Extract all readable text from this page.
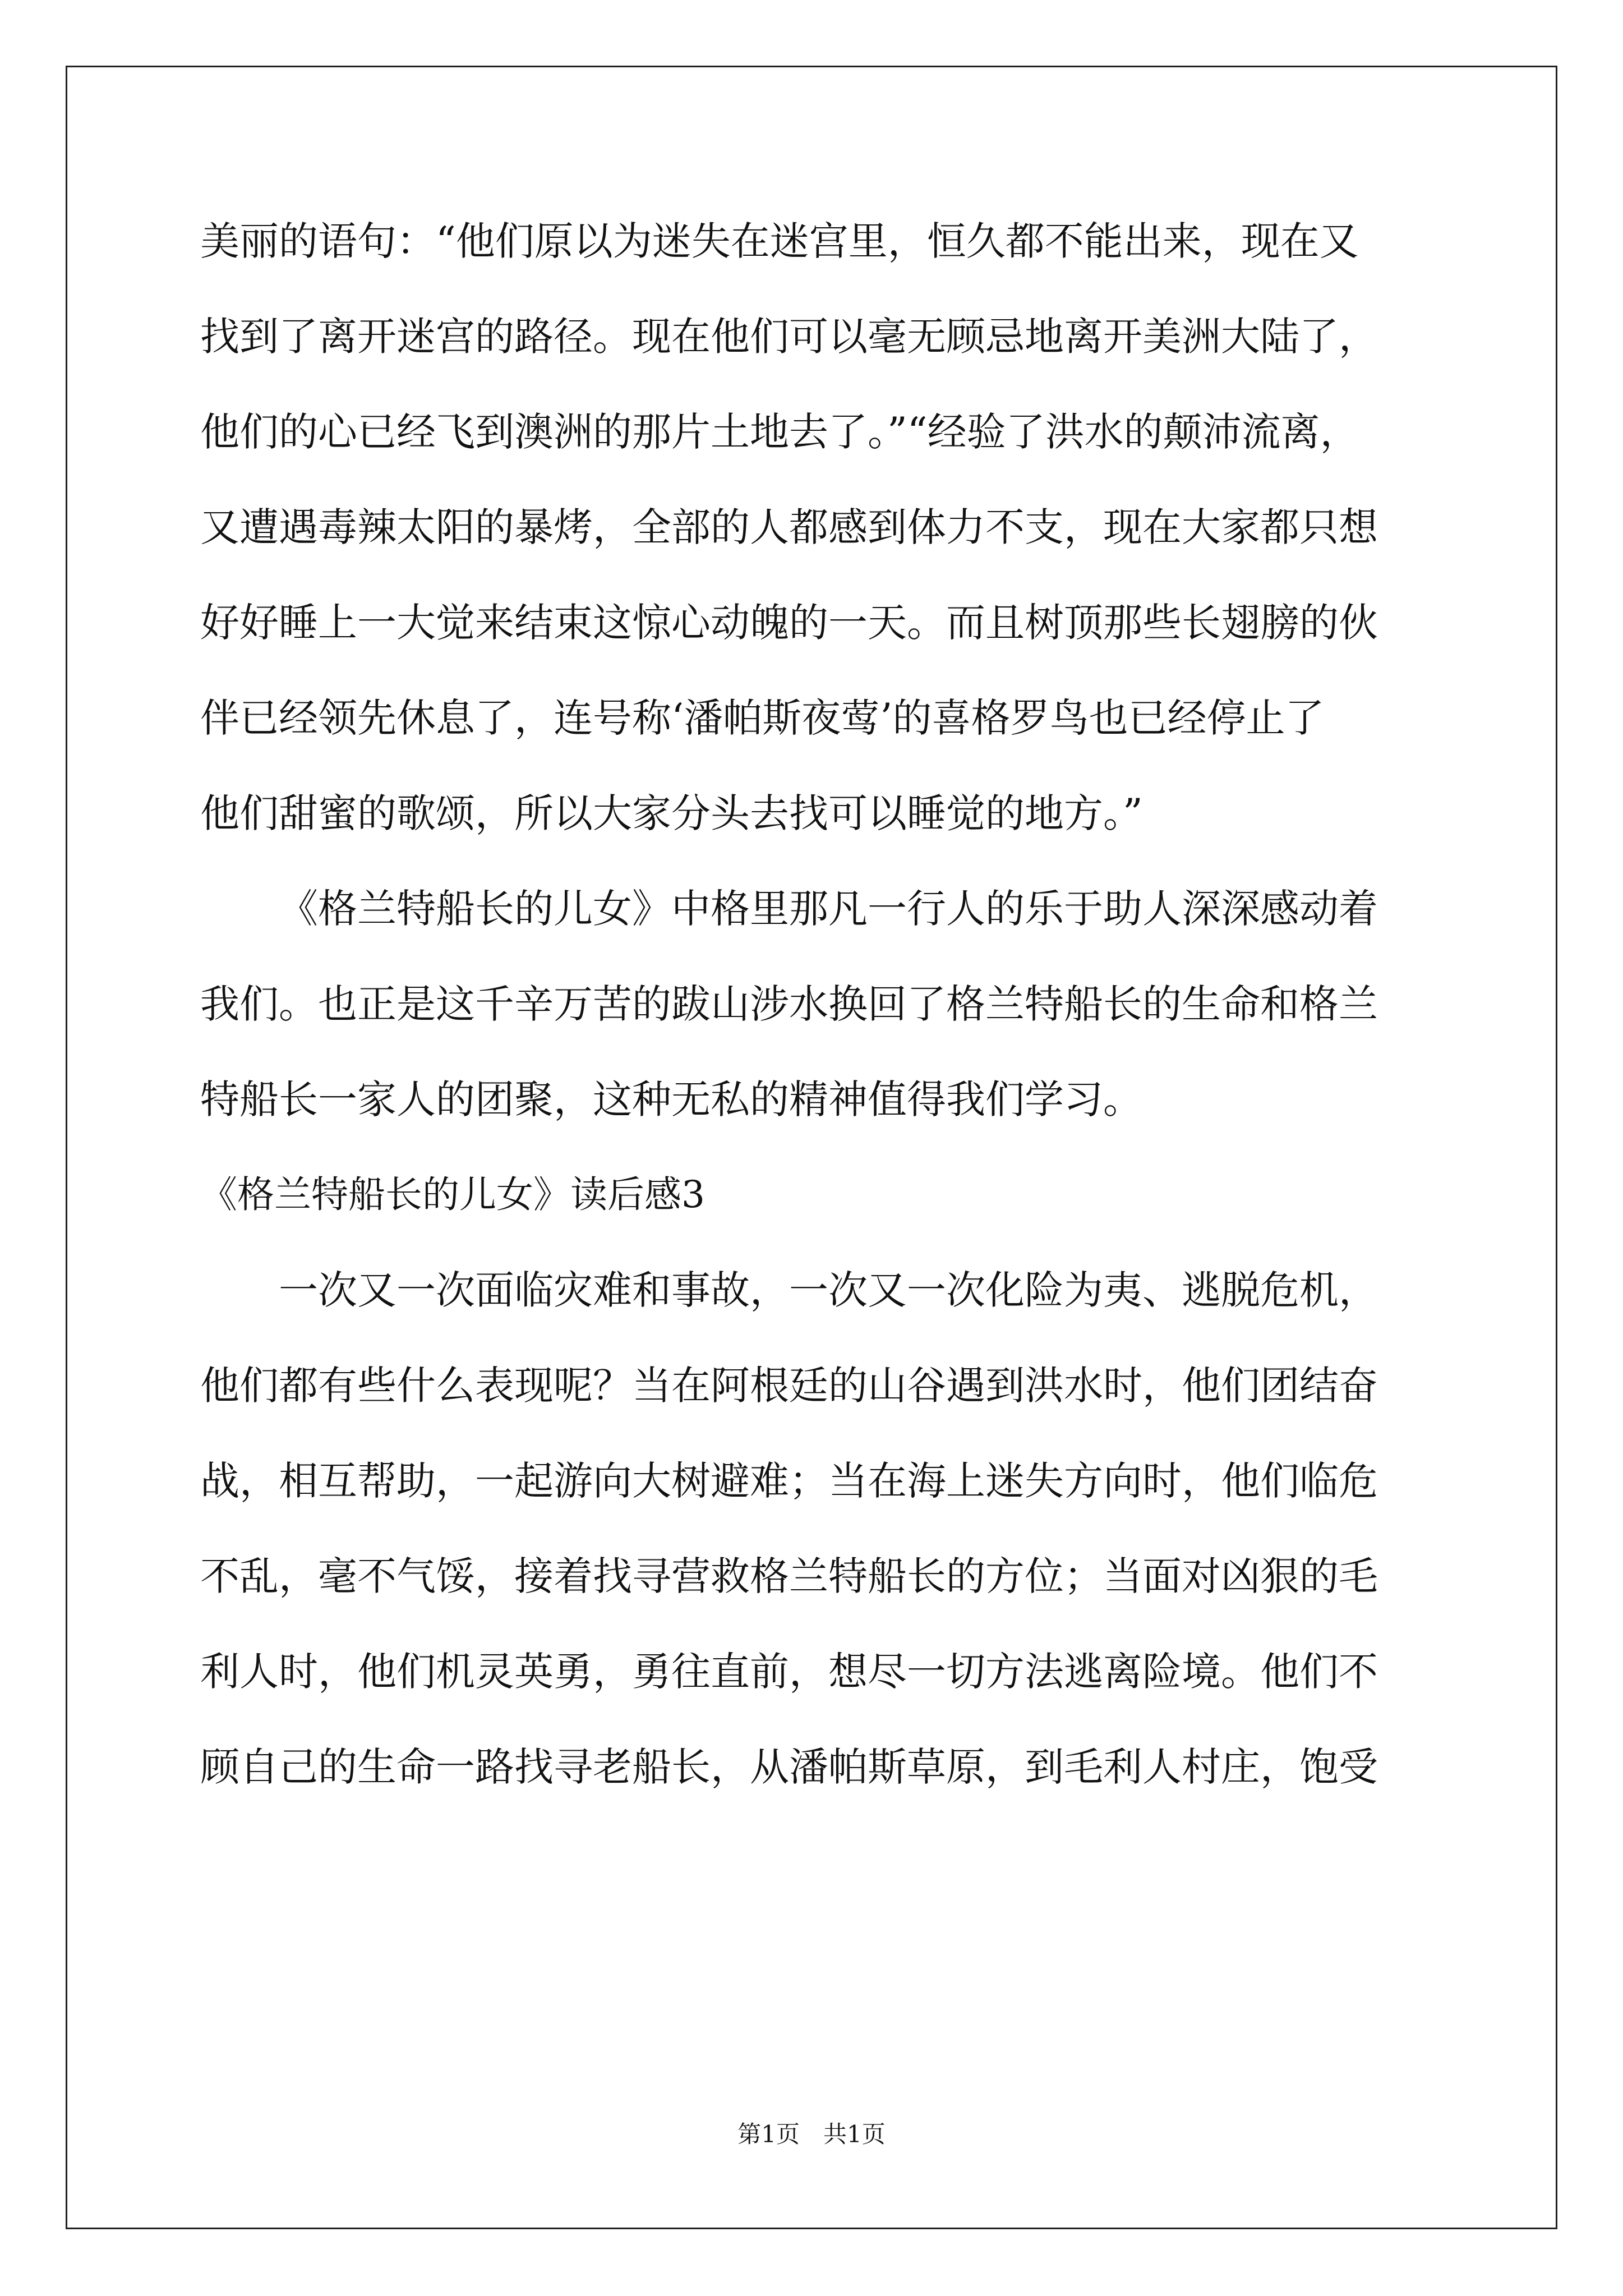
美丽的语句：“他们原以为迷失在迷宫里，恒久都不能出来，现在又
找到了离开迷宫的路径。现在他们可以毫无顾忌地离开美洲大陆了，
他们的心已经飞到澳洲的那片土地去了。”“经验了洪水的颠沛流离，
又遭遇毒辣太阳的暴烤，全部的人都感到体力不支，现在大家都只想
好好睡上一大觉来结束这惊心动魄的一天。而且树顶那些长翅膀的伙
伴已经领先休息了，连号称‘潘帕斯夜莺’的喜格罗鸟也已经停止了
他们甜蜜的歌颂，所以大家分头去找可以睡觉的地方。”
《格兰特船长的儿女》中格里那凡一行人的乐于助人深深感动着
我们。也正是这千辛万苦的跋山涉水换回了格兰特船长的生命和格兰
特船长一家人的团聚，这种无私的精神值得我们学习。
《格兰特船长的儿女》读后感3
一次又一次面临灾难和事故，一次又一次化险为夷、逃脱危机，
他们都有些什么表现呢？当在阿根廷的山谷遇到洪水时，他们团结奋
战，相互帮助，一起游向大树避难；当在海上迷失方向时，他们临危
不乱，毫不气馁，接着找寻营救格兰特船长的方位；当面对凶狠的毛
利人时，他们机灵英勇，勇往直前，想尽一切方法逃离险境。他们不
顾自己的生命一路找寻老船长，从潘帕斯草原，到毛利人村庄，饱受
第1页　共1页
